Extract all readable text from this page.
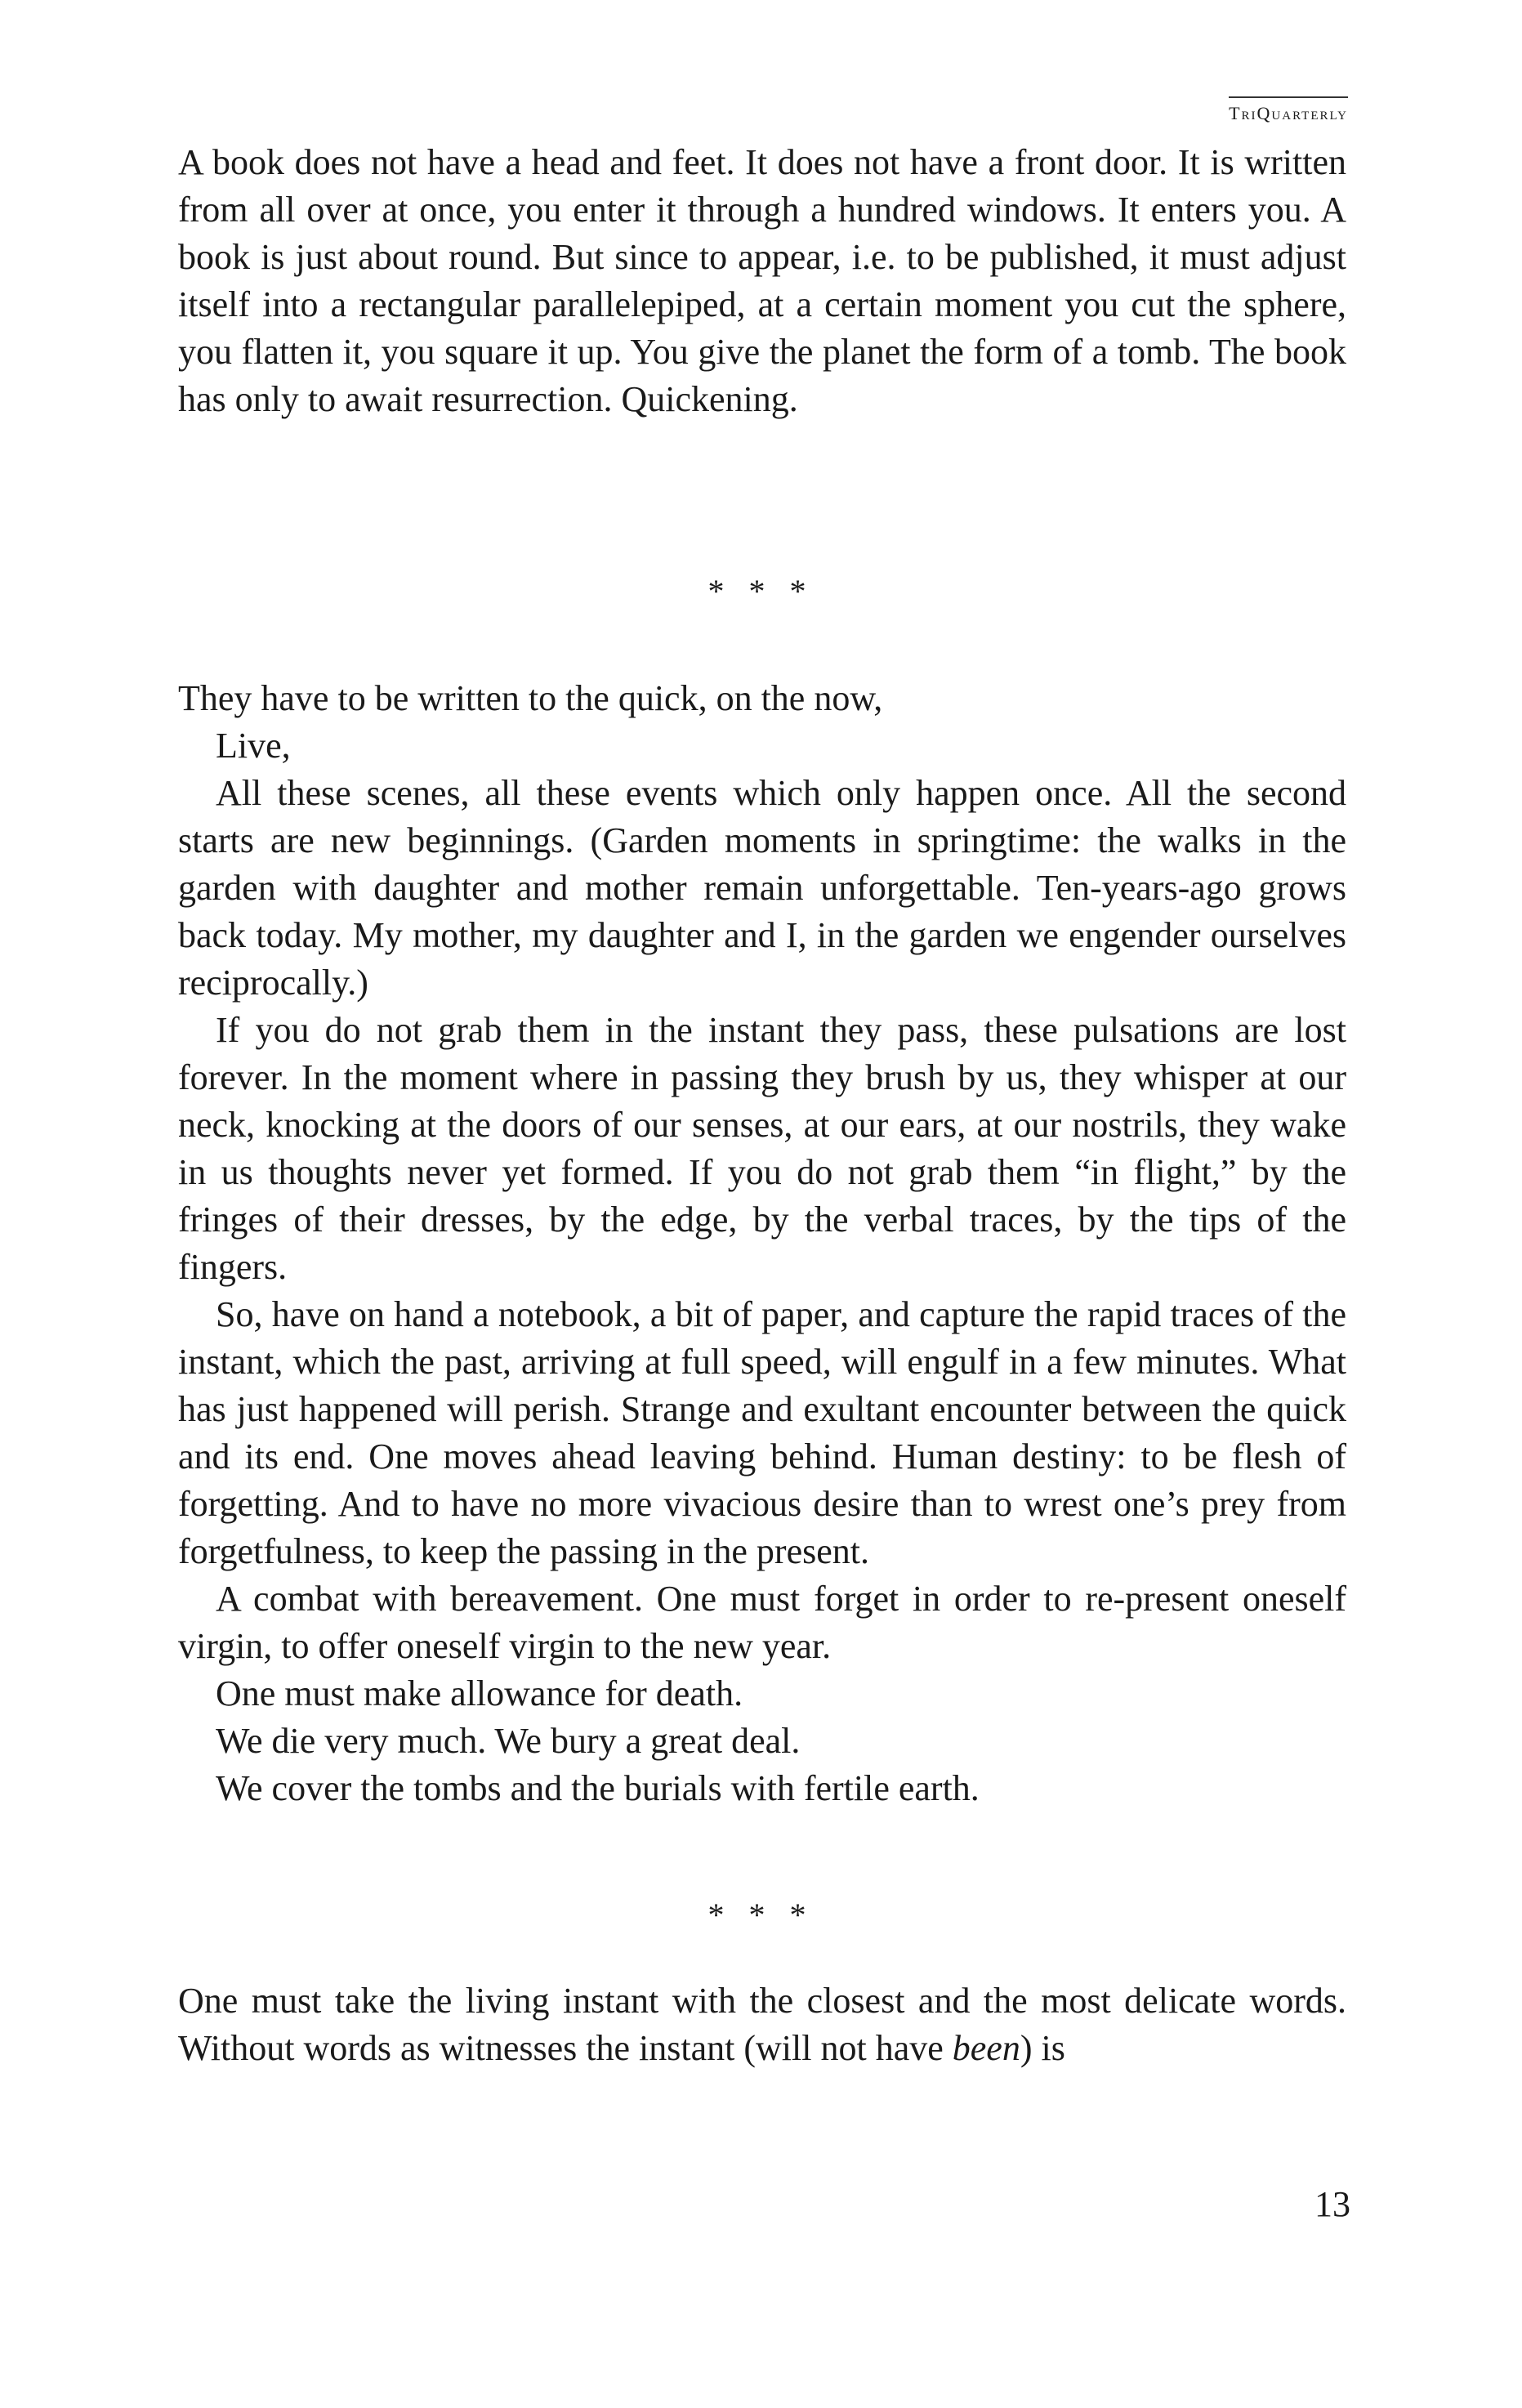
TriQuarterly

A book does not have a head and feet. It does not have a front door. It is written from all over at once, you enter it through a hundred windows. It enters you. A book is just about round. But since to appear, i.e. to be published, it must adjust itself into a rectangular parallelepiped, at a certain moment you cut the sphere, you flatten it, you square it up. You give the planet the form of a tomb. The book has only to await resurrection. Quickening.

* * *

They have to be written to the quick, on the now,

Live,

All these scenes, all these events which only happen once. All the second starts are new beginnings. (Garden moments in springtime: the walks in the garden with daughter and mother remain unforgettable. Ten-years-ago grows back today. My mother, my daughter and I, in the garden we engender ourselves reciprocally.)

If you do not grab them in the instant they pass, these pulsations are lost forever. In the moment where in passing they brush by us, they whisper at our neck, knocking at the doors of our senses, at our ears, at our nostrils, they wake in us thoughts never yet formed. If you do not grab them “in flight,” by the fringes of their dresses, by the edge, by the verbal traces, by the tips of the fingers.

So, have on hand a notebook, a bit of paper, and capture the rapid traces of the instant, which the past, arriving at full speed, will engulf in a few minutes. What has just happened will perish. Strange and exultant encounter between the quick and its end. One moves ahead leaving behind. Human destiny: to be flesh of forgetting. And to have no more vivacious desire than to wrest one’s prey from forgetfulness, to keep the passing in the present.

A combat with bereavement. One must forget in order to re-present oneself virgin, to offer oneself virgin to the new year.

One must make allowance for death.

We die very much. We bury a great deal.

We cover the tombs and the burials with fertile earth.

* * *

One must take the living instant with the closest and the most delicate words. Without words as witnesses the instant (will not have been) is

13
